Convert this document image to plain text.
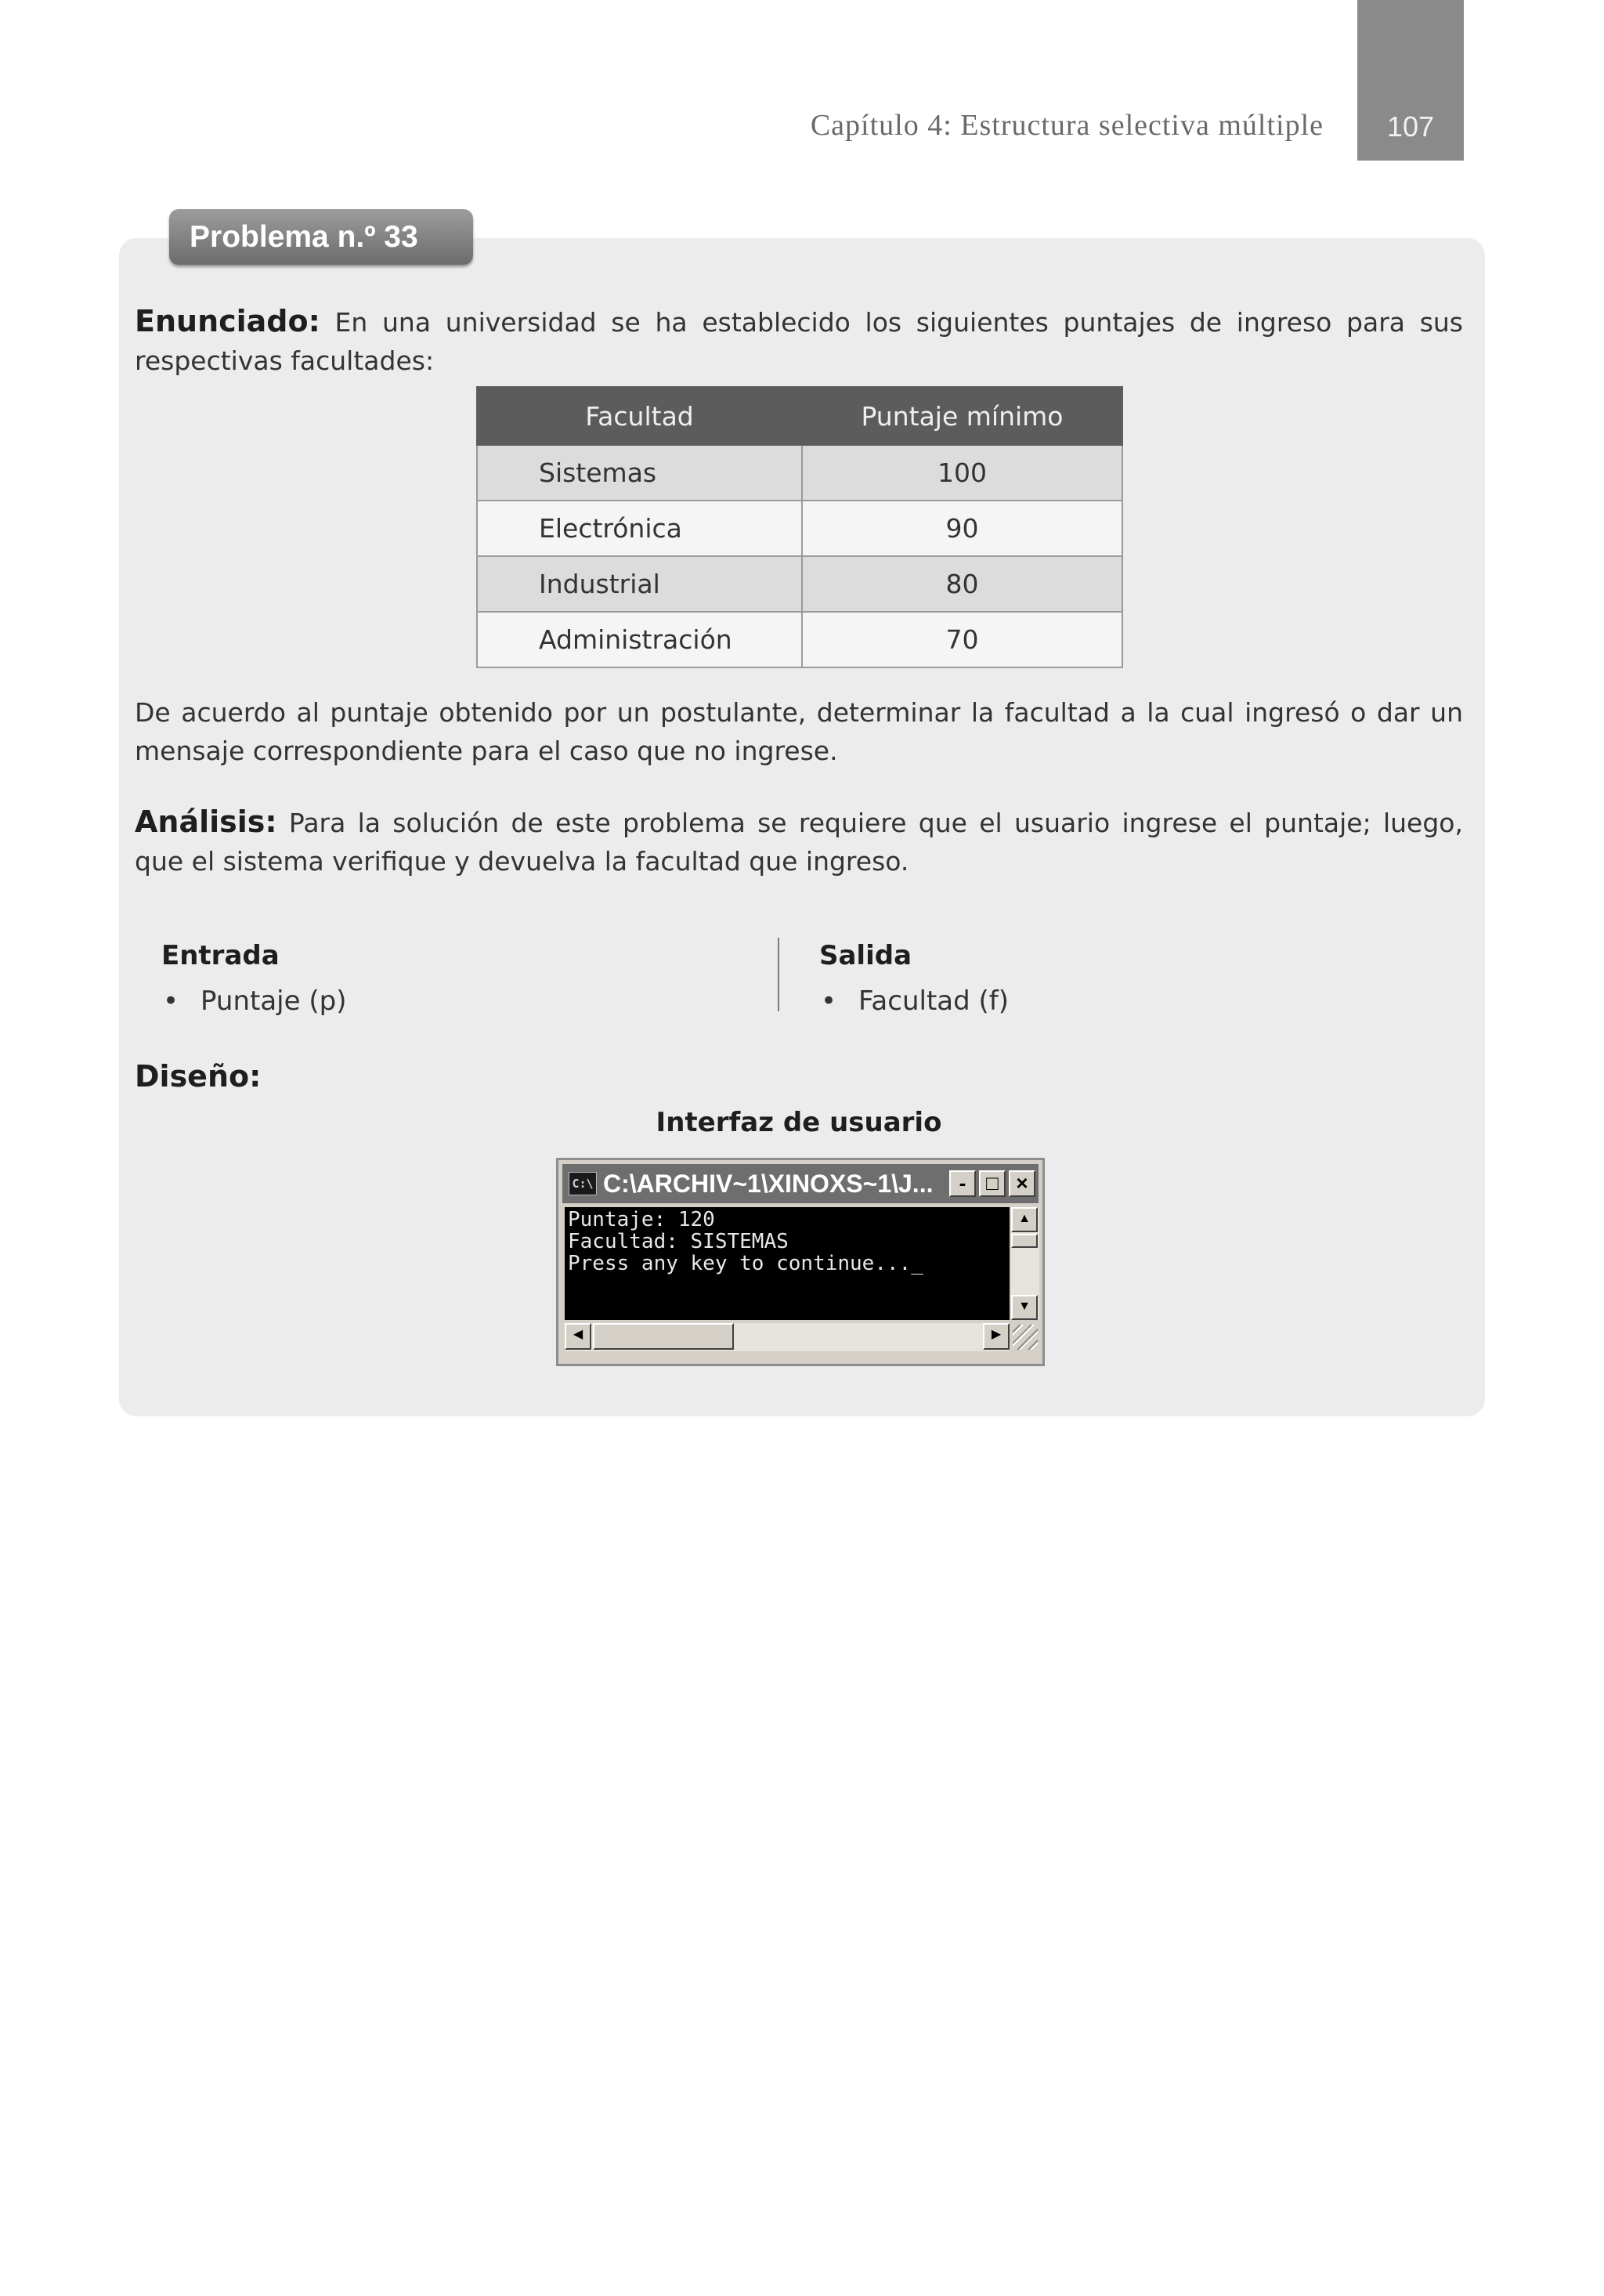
Capítulo 4: Estructura selectiva múltiple 107
Problema n.º 33
Enunciado: En una universidad se ha establecido los siguientes puntajes de ingreso para sus respectivas facultades:
Facultad	Puntaje mínimo
Sistemas	100
Electrónica	90
Industrial	80
Administración	70
De acuerdo al puntaje obtenido por un postulante, determinar la facultad a la cual ingresó o dar un mensaje correspondiente para el caso que no ingrese.
Análisis: Para la solución de este problema se requiere que el usuario ingrese el puntaje; luego, que el sistema verifique y devuelva la facultad que ingreso.
Entrada
• Puntaje (p)
Salida
• Facultad (f)
Diseño:
Interfaz de usuario
C:\ C:\ARCHIV~1\XINOXS~1\J...	- □ ×
Puntaje: 120
Facultad: SISTEMAS
Press any key to continue..._
▲
▼
◀	▶
